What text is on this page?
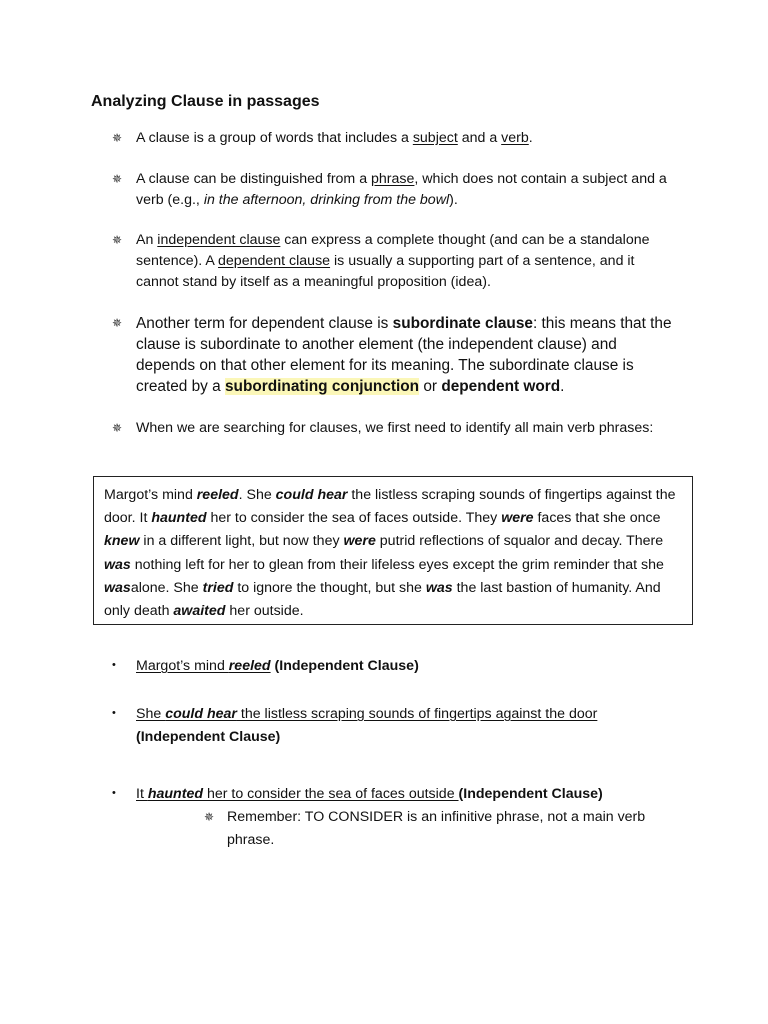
Analyzing Clause in passages
✵ A clause is a group of words that includes a subject and a verb.
✵ A clause can be distinguished from a phrase, which does not contain a subject and a verb (e.g., in the afternoon, drinking from the bowl).
✵ An independent clause can express a complete thought (and can be a standalone sentence). A dependent clause is usually a supporting part of a sentence, and it cannot stand by itself as a meaningful proposition (idea).
✵ Another term for dependent clause is subordinate clause: this means that the clause is subordinate to another element (the independent clause) and depends on that other element for its meaning. The subordinate clause is created by a subordinating conjunction or dependent word.
✵ When we are searching for clauses, we first need to identify all main verb phrases:
Margot’s mind reeled. She could hear the listless scraping sounds of fingertips against the door. It haunted her to consider the sea of faces outside. They were faces that she once knew in a different light, but now they were putrid reflections of squalor and decay. There was nothing left for her to glean from their lifeless eyes except the grim reminder that she wasalone. She tried to ignore the thought, but she was the last bastion of humanity. And only death awaited her outside.
• Margot’s mind reeled (Independent Clause)
• She could hear the listless scraping sounds of fingertips against the door
(Independent Clause)
• It haunted her to consider the sea of faces outside (Independent Clause)
✵ Remember: TO CONSIDER is an infinitive phrase, not a main verb phrase.
